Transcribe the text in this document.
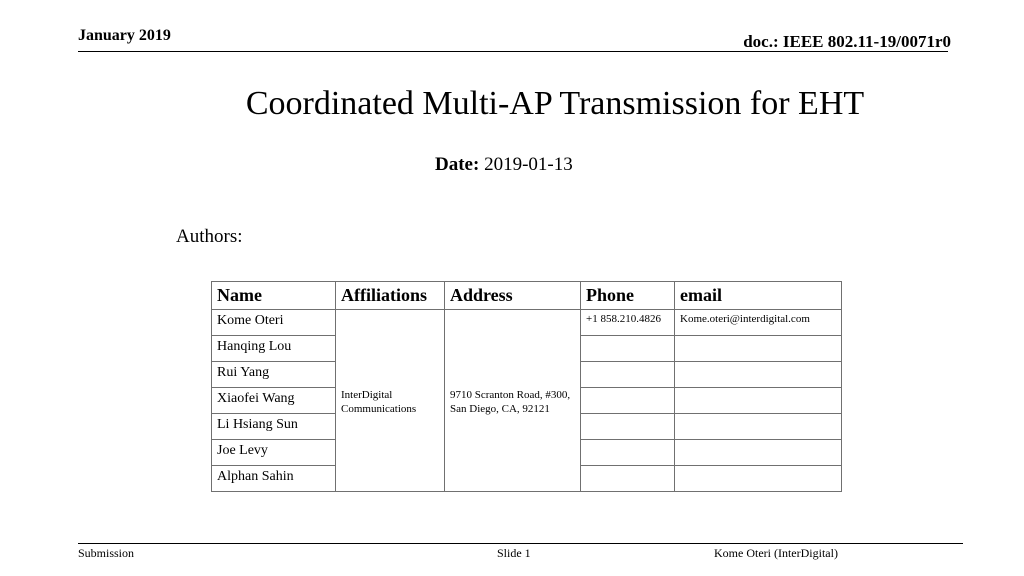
January 2019	doc.: IEEE 802.11-19/0071r0
Coordinated Multi-AP Transmission for EHT
Date: 2019-01-13
Authors:
Name	Affiliations	Address	Phone	email
Kome Oteri	InterDigital Communications	9710 Scranton Road, #300, San Diego, CA, 92121	+1 858.210.4826	Kome.oteri@interdigital.com
Hanqing Lou				
Rui Yang				
Xiaofei Wang				
Li Hsiang Sun				
Joe Levy				
Alphan Sahin				
Submission	Slide 1	Kome Oteri (InterDigital)
